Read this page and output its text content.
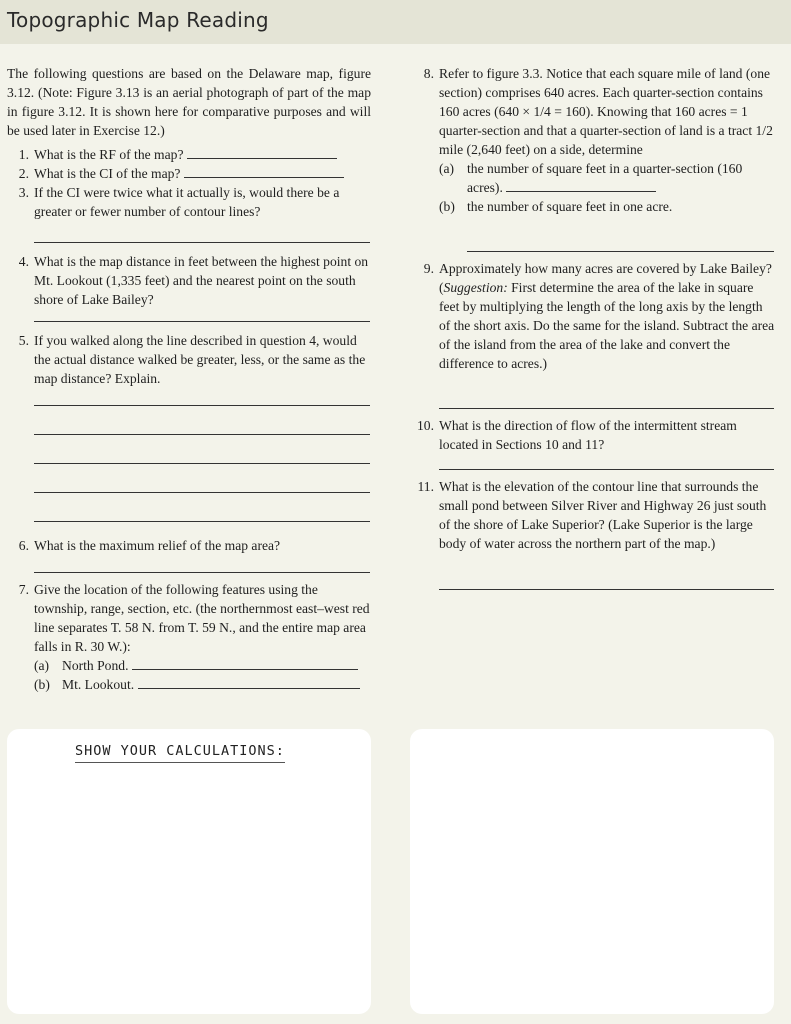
Topographic Map Reading

The following questions are based on the Delaware map, figure 3.12. (Note: Figure 3.13 is an aerial photograph of part of the map in figure 3.12. It is shown here for comparative purposes and will be used later in Exercise 12.)

1. What is the RF of the map?
2. What is the CI of the map?
3. If the CI were twice what it actually is, would there be a greater or fewer number of contour lines?
4. What is the map distance in feet between the highest point on Mt. Lookout (1,335 feet) and the nearest point on the south shore of Lake Bailey?
5. If you walked along the line described in question 4, would the actual distance walked be greater, less, or the same as the map distance? Explain.
6. What is the maximum relief of the map area?
7. Give the location of the following features using the township, range, section, etc. (the northernmost east–west red line separates T. 58 N. from T. 59 N., and the entire map area falls in R. 30 W.):
(a) North Pond.
(b) Mt. Lookout.
8. Refer to figure 3.3. Notice that each square mile of land (one section) comprises 640 acres. Each quarter-section contains 160 acres (640 × 1/4 = 160). Knowing that 160 acres = 1 quarter-section and that a quarter-section of land is a tract 1/2 mile (2,640 feet) on a side, determine
(a) the number of square feet in a quarter-section (160 acres).
(b) the number of square feet in one acre.
9. Approximately how many acres are covered by Lake Bailey? (Suggestion: First determine the area of the lake in square feet by multiplying the length of the long axis by the length of the short axis. Do the same for the island. Subtract the area of the island from the area of the lake and convert the difference to acres.)
10. What is the direction of flow of the intermittent stream located in Sections 10 and 11?
11. What is the elevation of the contour line that surrounds the small pond between Silver River and Highway 26 just south of the shore of Lake Superior? (Lake Superior is the large body of water across the northern part of the map.)
SHOW YOUR CALCULATIONS:
